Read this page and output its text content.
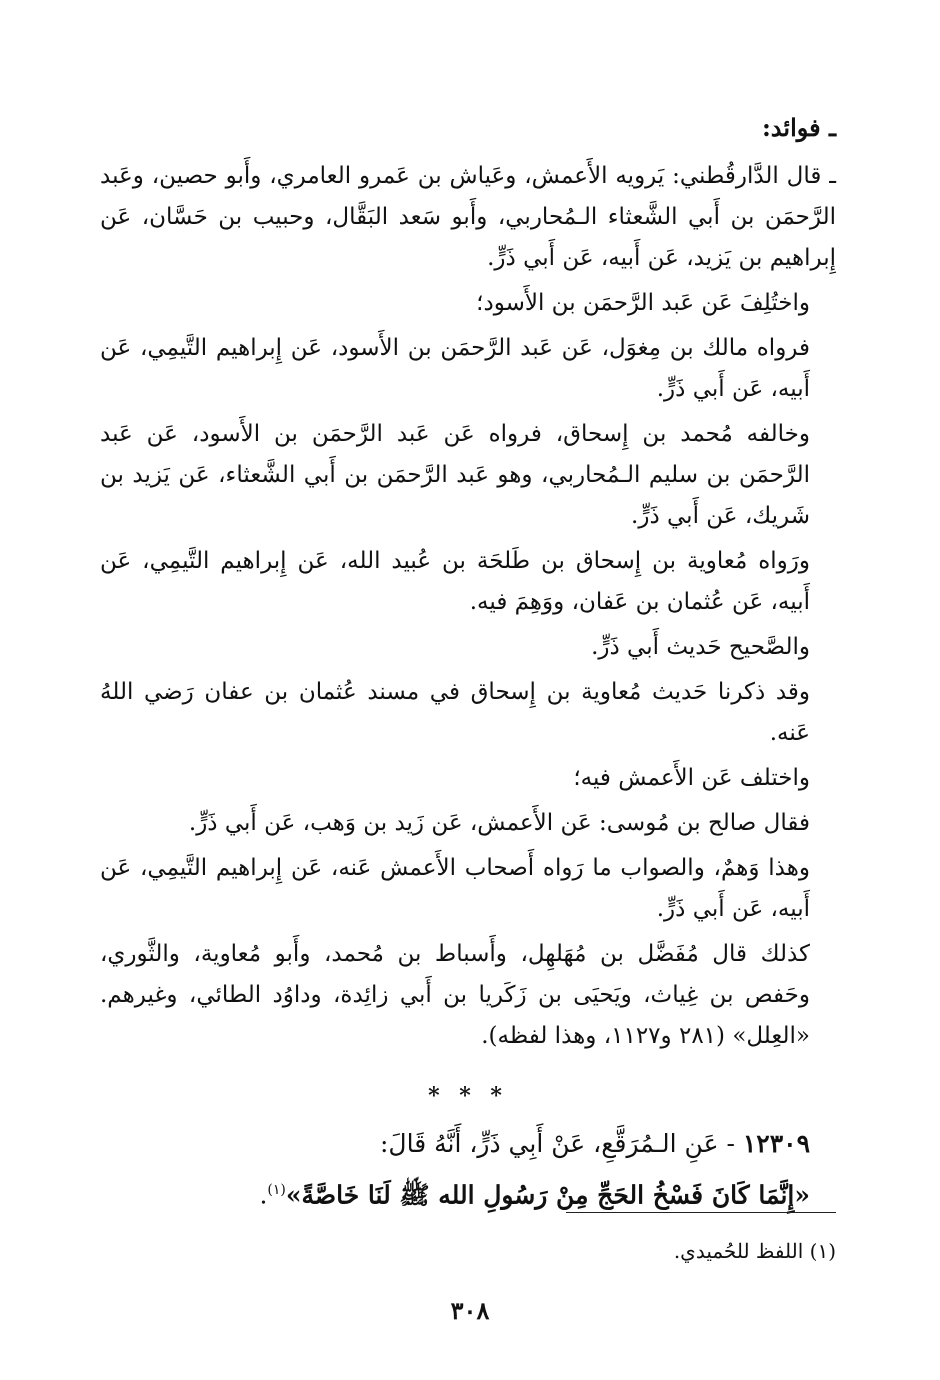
ـ فوائد:

ـ قال الدَّارقُطني: يَرويه الأَعمش، وعَياش بن عَمرو العامري، وأَبو حصين، وعَبد الرَّحمَن بن أَبي الشَّعثاء الـمُحاربي، وأَبو سَعد البَقَّال، وحبيب بن حَسَّان، عَن إِبراهيم بن يَزيد، عَن أَبيه، عَن أَبي ذَرٍّ.

واختُلِفَ عَن عَبد الرَّحمَن بن الأَسود؛

فرواه مالك بن مِغوَل، عَن عَبد الرَّحمَن بن الأَسود، عَن إِبراهيم التَّيمِي، عَن أَبيه، عَن أَبي ذَرٍّ.

وخالفه مُحمد بن إِسحاق، فرواه عَن عَبد الرَّحمَن بن الأَسود، عَن عَبد الرَّحمَن بن سليم الـمُحاربي، وهو عَبد الرَّحمَن بن أَبي الشَّعثاء، عَن يَزيد بن شَريك، عَن أَبي ذَرٍّ.

ورَواه مُعاوية بن إِسحاق بن طَلحَة بن عُبيد الله، عَن إِبراهيم التَّيمِي، عَن أَبيه، عَن عُثمان بن عَفان، ووَهِمَ فيه.

والصَّحيح حَديث أَبي ذَرٍّ.

وقد ذكرنا حَديث مُعاوية بن إِسحاق في مسند عُثمان بن عفان رَضي اللهُ عَنه.

واختلف عَن الأَعمش فيه؛

فقال صالح بن مُوسى: عَن الأَعمش، عَن زَيد بن وَهب، عَن أَبي ذَرٍّ.

وهذا وَهمٌ، والصواب ما رَواه أَصحاب الأَعمش عَنه، عَن إِبراهيم التَّيمِي، عَن أَبيه، عَن أَبي ذَرٍّ.

كذلك قال مُفَضَّل بن مُهَلهِل، وأَسباط بن مُحمد، وأَبو مُعاوية، والثَّوري، وحَفص بن غِياث، ويَحيَى بن زَكَريا بن أَبي زائِدة، وداوُد الطائي، وغيرهم. «العِلل» (٢٨١ و١١٢٧، وهذا لفظه).

* * *

١٢٣٠٩ - عَنِ الـمُرَقَّعِ، عَنْ أَبِي ذَرٍّ، أَنَّهُ قَالَ:

«إِنَّمَا كَانَ فَسْخُ الحَجِّ مِنْ رَسُولِ الله ﷺ لَنَا خَاصَّةً»$^{(١)}$.

(١) اللفظ للحُميدي.
٣٠٨
